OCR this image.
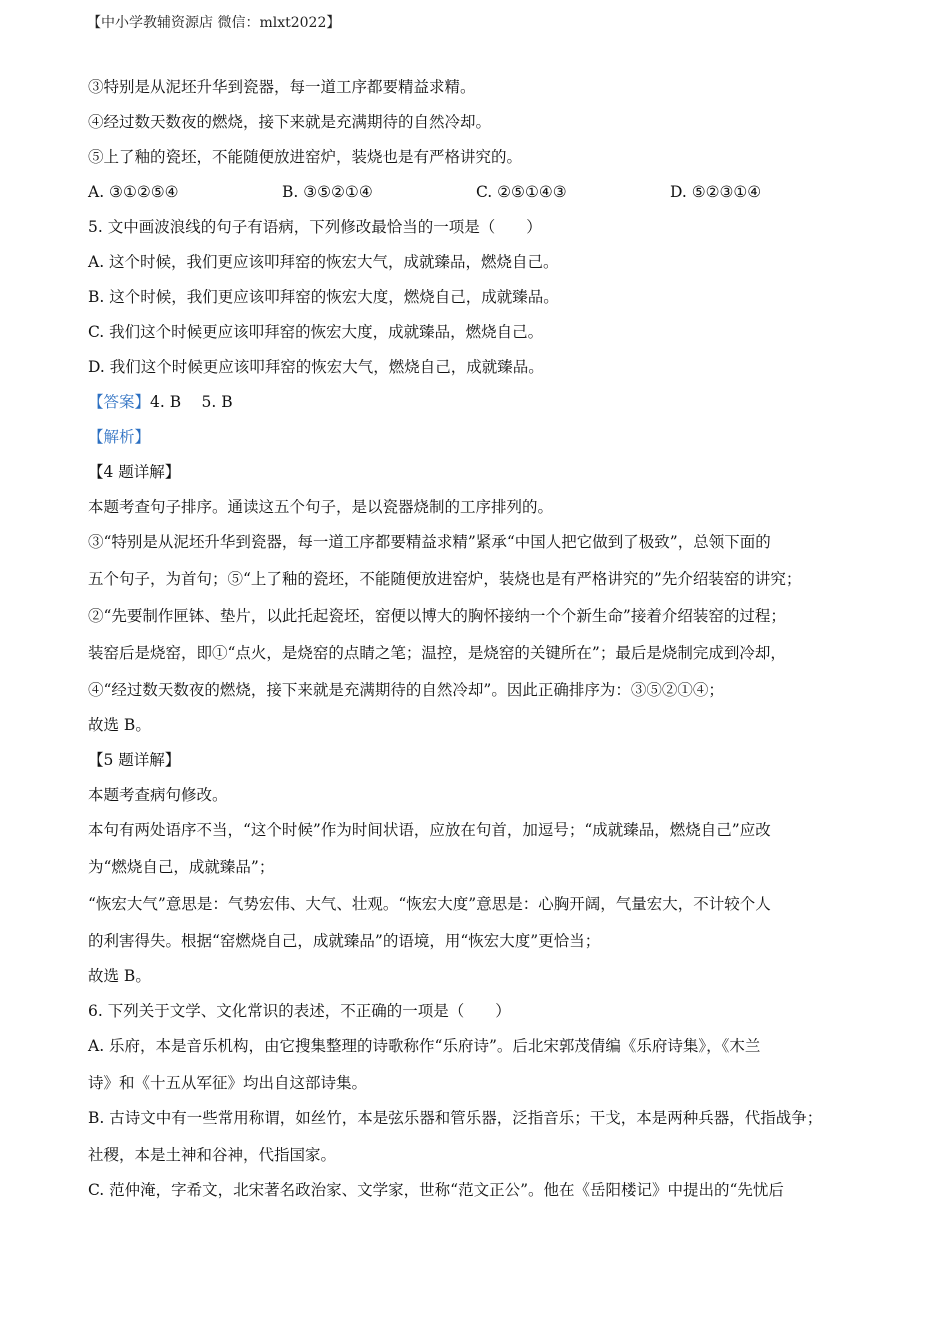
【中小学教辅资源店 微信：mlxt2022】
③特别是从泥坯升华到瓷器，每一道工序都要精益求精。
④经过数天数夜的燃烧，接下来就是充满期待的自然冷却。
⑤上了釉的瓷坯，不能随便放进窑炉，装烧也是有严格讲究的。
A. ③①②⑤④	B. ③⑤②①④	C. ②⑤①④③	D. ⑤②③①④
5. 文中画波浪线的句子有语病，下列修改最恰当的一项是（　　）
A. 这个时候，我们更应该叩拜窑的恢宏大气，成就臻品，燃烧自己。
B. 这个时候，我们更应该叩拜窑的恢宏大度，燃烧自己，成就臻品。
C. 我们这个时候更应该叩拜窑的恢宏大度，成就臻品，燃烧自己。
D. 我们这个时候更应该叩拜窑的恢宏大气，燃烧自己，成就臻品。
【答案】4. B　 5. B
【解析】
【4 题详解】
本题考查句子排序。通读这五个句子，是以瓷器烧制的工序排列的。
③“特别是从泥坯升华到瓷器，每一道工序都要精益求精”紧承“中国人把它做到了极致”，总领下面的
五个句子，为首句；⑤“上了釉的瓷坯，不能随便放进窑炉，装烧也是有严格讲究的”先介绍装窑的讲究；
②“先要制作匣钵、垫片，以此托起瓷坯，窑便以博大的胸怀接纳一个个新生命”接着介绍装窑的过程；
装窑后是烧窑，即①“点火，是烧窑的点睛之笔；温控，是烧窑的关键所在”；最后是烧制完成到冷却，
④“经过数天数夜的燃烧，接下来就是充满期待的自然冷却”。因此正确排序为：③⑤②①④；
故选 B。
【5 题详解】
本题考查病句修改。
本句有两处语序不当，“这个时候”作为时间状语，应放在句首，加逗号；“成就臻品，燃烧自己”应改
为“燃烧自己，成就臻品”；
“恢宏大气”意思是：气势宏伟、大气、壮观。“恢宏大度”意思是：心胸开阔，气量宏大，不计较个人
的利害得失。根据“窑燃烧自己，成就臻品”的语境，用“恢宏大度”更恰当；
故选 B。
6. 下列关于文学、文化常识的表述，不正确的一项是（　　）
A. 乐府，本是音乐机构，由它搜集整理的诗歌称作“乐府诗”。后北宋郭茂倩编《乐府诗集》，《木兰
诗》和《十五从军征》均出自这部诗集。
B. 古诗文中有一些常用称谓，如丝竹，本是弦乐器和管乐器，泛指音乐；干戈，本是两种兵器，代指战争；
社稷，本是土神和谷神，代指国家。
C. 范仲淹，字希文，北宋著名政治家、文学家，世称“范文正公”。他在《岳阳楼记》中提出的“先忧后
